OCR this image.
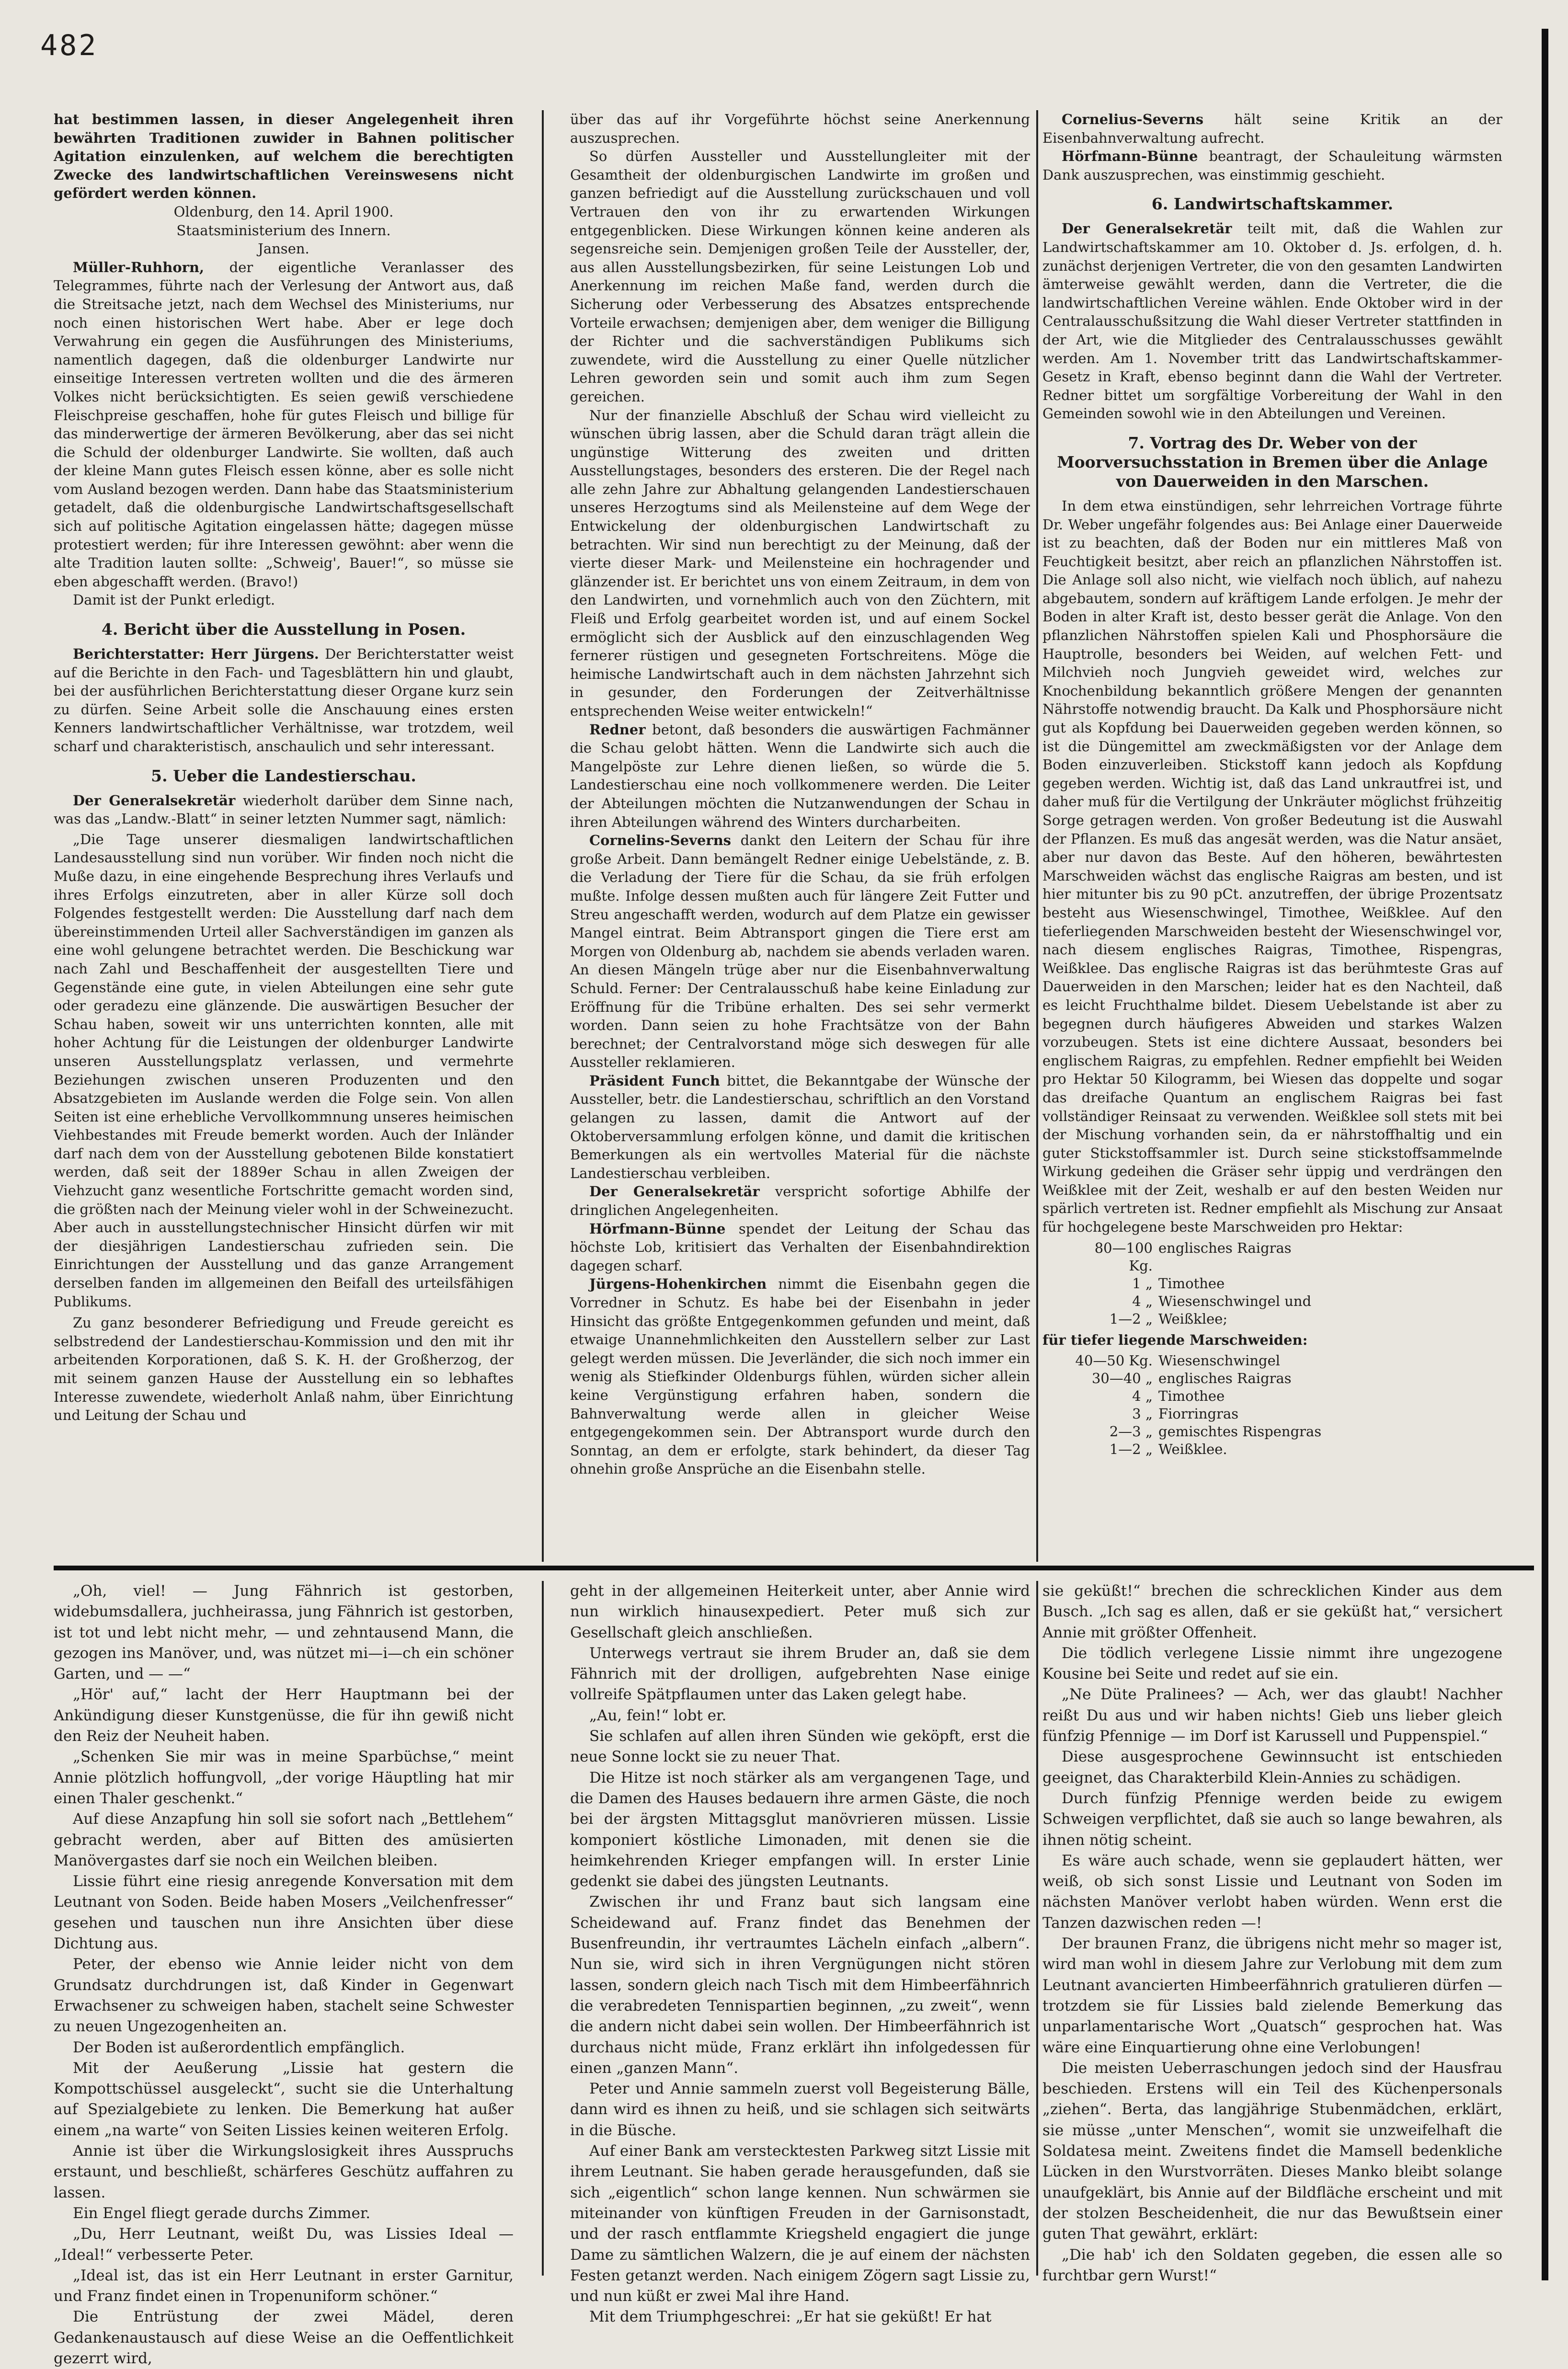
482

hat bestimmen lassen, in dieser Angelegenheit ihren bewährten Traditionen zuwider in Bahnen politischer Agitation einzulenken, auf welchem die berechtigten Zwecke des landwirtschaftlichen Vereinswesens nicht gefördert werden können.

Oldenburg, den 14. April 1900.

Staatsministerium des Innern.

Jansen.

Müller-Ruhhorn, der eigentliche Veranlasser des Telegrammes, führte nach der Verlesung der Antwort aus, daß die Streitsache jetzt, nach dem Wechsel des Ministeriums, nur noch einen historischen Wert habe. Aber er lege doch Verwahrung ein gegen die Ausführungen des Ministeriums, namentlich dagegen, daß die oldenburger Landwirte nur einseitige Interessen vertreten wollten und die des ärmeren Volkes nicht berücksichtigten. Es seien gewiß verschiedene Fleischpreise geschaffen, hohe für gutes Fleisch und billige für das minderwertige der ärmeren Bevölkerung, aber das sei nicht die Schuld der oldenburger Landwirte. Sie wollten, daß auch der kleine Mann gutes Fleisch essen könne, aber es solle nicht vom Ausland bezogen werden. Dann habe das Staatsministerium getadelt, daß die oldenburgische Landwirtschaftsgesellschaft sich auf politische Agitation eingelassen hätte; dagegen müsse protestiert werden; für ihre Interessen gewöhnt: aber wenn die alte Tradition lauten sollte: „Schweig', Bauer!“, so müsse sie eben abgeschafft werden. (Bravo!)

Damit ist der Punkt erledigt.

4. Bericht über die Ausstellung in Posen.

Berichterstatter: Herr Jürgens. Der Berichterstatter weist auf die Berichte in den Fach- und Tagesblättern hin und glaubt, bei der ausführlichen Berichterstattung dieser Organe kurz sein zu dürfen. Seine Arbeit solle die Anschauung eines ersten Kenners landwirtschaftlicher Verhältnisse, war trotzdem, weil scharf und charakteristisch, anschaulich und sehr interessant.

5. Ueber die Landestierschau.

Der Generalsekretär wiederholt darüber dem Sinne nach, was das „Landw.-Blatt“ in seiner letzten Nummer sagt, nämlich:

„Die Tage unserer diesmaligen landwirtschaftlichen Landesausstellung sind nun vorüber. Wir finden noch nicht die Muße dazu, in eine eingehende Besprechung ihres Verlaufs und ihres Erfolgs einzutreten, aber in aller Kürze soll doch Folgendes festgestellt werden: Die Ausstellung darf nach dem übereinstimmenden Urteil aller Sachverständigen im ganzen als eine wohl gelungene betrachtet werden. Die Beschickung war nach Zahl und Beschaffenheit der ausgestellten Tiere und Gegenstände eine gute, in vielen Abteilungen eine sehr gute oder geradezu eine glänzende. Die auswärtigen Besucher der Schau haben, soweit wir uns unterrichten konnten, alle mit hoher Achtung für die Leistungen der oldenburger Landwirte unseren Ausstellungsplatz verlassen, und vermehrte Beziehungen zwischen unseren Produzenten und den Absatzgebieten im Auslande werden die Folge sein. Von allen Seiten ist eine erhebliche Vervollkommnung unseres heimischen Viehbestandes mit Freude bemerkt worden. Auch der Inländer darf nach dem von der Ausstellung gebotenen Bilde konstatiert werden, daß seit der 1889er Schau in allen Zweigen der Viehzucht ganz wesentliche Fortschritte gemacht worden sind, die größten nach der Meinung vieler wohl in der Schweinezucht. Aber auch in ausstellungstechnischer Hinsicht dürfen wir mit der diesjährigen Landestierschau zufrieden sein. Die Einrichtungen der Ausstellung und das ganze Arrangement derselben fanden im allgemeinen den Beifall des urteilsfähigen Publikums.

Zu ganz besonderer Befriedigung und Freude gereicht es selbstredend der Landestierschau-Kommission und den mit ihr arbeitenden Korporationen, daß S. K. H. der Großherzog, der mit seinem ganzen Hause der Ausstellung ein so lebhaftes Interesse zuwendete, wiederholt Anlaß nahm, über Einrichtung und Leitung der Schau und

über das auf ihr Vorgeführte höchst seine Anerkennung auszusprechen.

So dürfen Aussteller und Ausstellungleiter mit der Gesamtheit der oldenburgischen Landwirte im großen und ganzen befriedigt auf die Ausstellung zurückschauen und voll Vertrauen den von ihr zu erwartenden Wirkungen entgegenblicken. Diese Wirkungen können keine anderen als segensreiche sein. Demjenigen großen Teile der Aussteller, der, aus allen Ausstellungsbezirken, für seine Leistungen Lob und Anerkennung im reichen Maße fand, werden durch die Sicherung oder Verbesserung des Absatzes entsprechende Vorteile erwachsen; demjenigen aber, dem weniger die Billigung der Richter und die sachverständigen Publikums sich zuwendete, wird die Ausstellung zu einer Quelle nützlicher Lehren geworden sein und somit auch ihm zum Segen gereichen.

Nur der finanzielle Abschluß der Schau wird vielleicht zu wünschen übrig lassen, aber die Schuld daran trägt allein die ungünstige Witterung des zweiten und dritten Ausstellungstages, besonders des ersteren. Die der Regel nach alle zehn Jahre zur Abhaltung gelangenden Landestierschauen unseres Herzogtums sind als Meilensteine auf dem Wege der Entwickelung der oldenburgischen Landwirtschaft zu betrachten. Wir sind nun berechtigt zu der Meinung, daß der vierte dieser Mark- und Meilensteine ein hochragender und glänzender ist. Er berichtet uns von einem Zeitraum, in dem von den Landwirten, und vornehmlich auch von den Züchtern, mit Fleiß und Erfolg gearbeitet worden ist, und auf einem Sockel ermöglicht sich der Ausblick auf den einzuschlagenden Weg fernerer rüstigen und gesegneten Fortschreitens. Möge die heimische Landwirtschaft auch in dem nächsten Jahrzehnt sich in gesunder, den Forderungen der Zeitverhältnisse entsprechenden Weise weiter entwickeln!“

Redner betont, daß besonders die auswärtigen Fachmänner die Schau gelobt hätten. Wenn die Landwirte sich auch die Mangelpöste zur Lehre dienen ließen, so würde die 5. Landestierschau eine noch vollkommenere werden. Die Leiter der Abteilungen möchten die Nutzanwendungen der Schau in ihren Abteilungen während des Winters durcharbeiten.

Cornelins-Severns dankt den Leitern der Schau für ihre große Arbeit. Dann bemängelt Redner einige Uebelstände, z. B. die Verladung der Tiere für die Schau, da sie früh erfolgen mußte. Infolge dessen mußten auch für längere Zeit Futter und Streu angeschafft werden, wodurch auf dem Platze ein gewisser Mangel eintrat. Beim Abtransport gingen die Tiere erst am Morgen von Oldenburg ab, nachdem sie abends verladen waren. An diesen Mängeln trüge aber nur die Eisenbahnverwaltung Schuld. Ferner: Der Centralausschuß habe keine Einladung zur Eröffnung für die Tribüne erhalten. Des sei sehr vermerkt worden. Dann seien zu hohe Frachtsätze von der Bahn berechnet; der Centralvorstand möge sich deswegen für alle Aussteller reklamieren.

Präsident Funch bittet, die Bekanntgabe der Wünsche der Aussteller, betr. die Landestierschau, schriftlich an den Vorstand gelangen zu lassen, damit die Antwort auf der Oktoberversammlung erfolgen könne, und damit die kritischen Bemerkungen als ein wertvolles Material für die nächste Landestierschau verbleiben.

Der Generalsekretär verspricht sofortige Abhilfe der dringlichen Angelegenheiten.

Hörfmann-Bünne spendet der Leitung der Schau das höchste Lob, kritisiert das Verhalten der Eisenbahndirektion dagegen scharf.

Jürgens-Hohenkirchen nimmt die Eisenbahn gegen die Vorredner in Schutz. Es habe bei der Eisenbahn in jeder Hinsicht das größte Entgegenkommen gefunden und meint, daß etwaige Unannehmlichkeiten den Ausstellern selber zur Last gelegt werden müssen. Die Jeverländer, die sich noch immer ein wenig als Stiefkinder Oldenburgs fühlen, würden sicher allein keine Vergünstigung erfahren haben, sondern die Bahnverwaltung werde allen in gleicher Weise entgegengekommen sein. Der Abtransport wurde durch den Sonntag, an dem er erfolgte, stark behindert, da dieser Tag ohnehin große Ansprüche an die Eisenbahn stelle.

Cornelius-Severns hält seine Kritik an der Eisenbahnverwaltung aufrecht.

Hörfmann-Bünne beantragt, der Schauleitung wärmsten Dank auszusprechen, was einstimmig geschieht.

6. Landwirtschaftskammer.

Der Generalsekretär teilt mit, daß die Wahlen zur Landwirtschaftskammer am 10. Oktober d. Js. erfolgen, d. h. zunächst derjenigen Vertreter, die von den gesamten Landwirten ämterweise gewählt werden, dann die Vertreter, die die landwirtschaftlichen Vereine wählen. Ende Oktober wird in der Centralausschußsitzung die Wahl dieser Vertreter stattfinden in der Art, wie die Mitglieder des Centralausschusses gewählt werden. Am 1. November tritt das Landwirtschaftskammer-Gesetz in Kraft, ebenso beginnt dann die Wahl der Vertreter. Redner bittet um sorgfältige Vorbereitung der Wahl in den Gemeinden sowohl wie in den Abteilungen und Vereinen.

7. Vortrag des Dr. Weber von der Moorversuchsstation in Bremen über die Anlage von Dauerweiden in den Marschen.

In dem etwa einstündigen, sehr lehrreichen Vortrage führte Dr. Weber ungefähr folgendes aus: Bei Anlage einer Dauerweide ist zu beachten, daß der Boden nur ein mittleres Maß von Feuchtigkeit besitzt, aber reich an pflanzlichen Nährstoffen ist. Die Anlage soll also nicht, wie vielfach noch üblich, auf nahezu abgebautem, sondern auf kräftigem Lande erfolgen. Je mehr der Boden in alter Kraft ist, desto besser gerät die Anlage. Von den pflanzlichen Nährstoffen spielen Kali und Phosphorsäure die Hauptrolle, besonders bei Weiden, auf welchen Fett- und Milchvieh noch Jungvieh geweidet wird, welches zur Knochenbildung bekanntlich größere Mengen der genannten Nährstoffe notwendig braucht. Da Kalk und Phosphorsäure nicht gut als Kopfdung bei Dauerweiden gegeben werden können, so ist die Düngemittel am zweckmäßigsten vor der Anlage dem Boden einzuverleiben. Stickstoff kann jedoch als Kopfdung gegeben werden. Wichtig ist, daß das Land unkrautfrei ist, und daher muß für die Vertilgung der Unkräuter möglichst frühzeitig Sorge getragen werden. Von großer Bedeutung ist die Auswahl der Pflanzen. Es muß das angesät werden, was die Natur ansäet, aber nur davon das Beste. Auf den höheren, bewährtesten Marschweiden wächst das englische Raigras am besten, und ist hier mitunter bis zu 90 pCt. anzutreffen, der übrige Prozentsatz besteht aus Wiesenschwingel, Timothee, Weißklee. Auf den tieferliegenden Marschweiden besteht der Wiesenschwingel vor, nach diesem englisches Raigras, Timothee, Rispengras, Weißklee. Das englische Raigras ist das berühmteste Gras auf Dauerweiden in den Marschen; leider hat es den Nachteil, daß es leicht Fruchthalme bildet. Diesem Uebelstande ist aber zu begegnen durch häufigeres Abweiden und starkes Walzen vorzubeugen. Stets ist eine dichtere Aussaat, besonders bei englischem Raigras, zu empfehlen. Redner empfiehlt bei Weiden pro Hektar 50 Kilogramm, bei Wiesen das doppelte und sogar das dreifache Quantum an englischem Raigras bei fast vollständiger Reinsaat zu verwenden. Weißklee soll stets mit bei der Mischung vorhanden sein, da er nährstoffhaltig und ein guter Stickstoffsammler ist. Durch seine stickstoffsammelnde Wirkung gedeihen die Gräser sehr üppig und verdrängen den Weißklee mit der Zeit, weshalb er auf den besten Weiden nur spärlich vertreten ist. Redner empfiehlt als Mischung zur Ansaat für hochgelegene beste Marschweiden pro Hektar:

80—100 Kg.	englisches Raigras
1 „	Timothee
4 „	Wiesenschwingel und
1—2 „	Weißklee;

für tiefer liegende Marschweiden:

40—50 Kg.	Wiesenschwingel
30—40 „	englisches Raigras
4 „	Timothee
3 „	Fiorringras
2—3 „	gemischtes Rispengras
1—2 „	Weißklee.

„Oh, viel! — Jung Fähnrich ist gestorben, widebumsdallera, juchheirassa, jung Fähnrich ist gestorben, ist tot und lebt nicht mehr, — und zehntausend Mann, die gezogen ins Manöver, und, was nützet mi—i—ch ein schöner Garten, und — —“

„Hör' auf,“ lacht der Herr Hauptmann bei der Ankündigung dieser Kunstgenüsse, die für ihn gewiß nicht den Reiz der Neuheit haben.

„Schenken Sie mir was in meine Sparbüchse,“ meint Annie plötzlich hoffungvoll, „der vorige Häuptling hat mir einen Thaler geschenkt.“

Auf diese Anzapfung hin soll sie sofort nach „Bettlehem“ gebracht werden, aber auf Bitten des amüsierten Manövergastes darf sie noch ein Weilchen bleiben.

Lissie führt eine riesig anregende Konversation mit dem Leutnant von Soden. Beide haben Mosers „Veilchenfresser“ gesehen und tauschen nun ihre Ansichten über diese Dichtung aus.

Peter, der ebenso wie Annie leider nicht von dem Grundsatz durchdrungen ist, daß Kinder in Gegenwart Erwachsener zu schweigen haben, stachelt seine Schwester zu neuen Ungezogenheiten an.

Der Boden ist außerordentlich empfänglich.

Mit der Aeußerung „Lissie hat gestern die Kompottschüssel ausgeleckt“, sucht sie die Unterhaltung auf Spezialgebiete zu lenken. Die Bemerkung hat außer einem „na warte“ von Seiten Lissies keinen weiteren Erfolg.

Annie ist über die Wirkungslosigkeit ihres Ausspruchs erstaunt, und beschließt, schärferes Geschütz auffahren zu lassen.

Ein Engel fliegt gerade durchs Zimmer.

„Du, Herr Leutnant, weißt Du, was Lissies Ideal — „Ideal!“ verbesserte Peter.

„Ideal ist, das ist ein Herr Leutnant in erster Garnitur, und Franz findet einen in Tropenuniform schöner.“

Die Entrüstung der zwei Mädel, deren Gedankenaustausch auf diese Weise an die Oeffentlichkeit gezerrt wird,

geht in der allgemeinen Heiterkeit unter, aber Annie wird nun wirklich hinausexpediert. Peter muß sich zur Gesellschaft gleich anschließen.

Unterwegs vertraut sie ihrem Bruder an, daß sie dem Fähnrich mit der drolligen, aufgebrehten Nase einige vollreife Spätpflaumen unter das Laken gelegt habe.

„Au, fein!“ lobt er.

Sie schlafen auf allen ihren Sünden wie geköpft, erst die neue Sonne lockt sie zu neuer That.

Die Hitze ist noch stärker als am vergangenen Tage, und die Damen des Hauses bedauern ihre armen Gäste, die noch bei der ärgsten Mittagsglut manövrieren müssen. Lissie komponiert köstliche Limonaden, mit denen sie die heimkehrenden Krieger empfangen will. In erster Linie gedenkt sie dabei des jüngsten Leutnants.

Zwischen ihr und Franz baut sich langsam eine Scheidewand auf. Franz findet das Benehmen der Busenfreundin, ihr vertraumtes Lächeln einfach „albern“. Nun sie, wird sich in ihren Vergnügungen nicht stören lassen, sondern gleich nach Tisch mit dem Himbeerfähnrich die verabredeten Tennispartien beginnen, „zu zweit“, wenn die andern nicht dabei sein wollen. Der Himbeerfähnrich ist durchaus nicht müde, Franz erklärt ihn infolgedessen für einen „ganzen Mann“.

Peter und Annie sammeln zuerst voll Begeisterung Bälle, dann wird es ihnen zu heiß, und sie schlagen sich seitwärts in die Büsche.

Auf einer Bank am verstecktesten Parkweg sitzt Lissie mit ihrem Leutnant. Sie haben gerade herausgefunden, daß sie sich „eigentlich“ schon lange kennen. Nun schwärmen sie miteinander von künftigen Freuden in der Garnisonstadt, und der rasch entflammte Kriegsheld engagiert die junge Dame zu sämtlichen Walzern, die je auf einem der nächsten Festen getanzt werden. Nach einigem Zögern sagt Lissie zu, und nun küßt er zwei Mal ihre Hand.

Mit dem Triumphgeschrei: „Er hat sie geküßt! Er hat

sie geküßt!“ brechen die schrecklichen Kinder aus dem Busch. „Ich sag es allen, daß er sie geküßt hat,“ versichert Annie mit größter Offenheit.

Die tödlich verlegene Lissie nimmt ihre ungezogene Kousine bei Seite und redet auf sie ein.

„Ne Düte Pralinees? — Ach, wer das glaubt! Nachher reißt Du aus und wir haben nichts! Gieb uns lieber gleich fünfzig Pfennige — im Dorf ist Karussell und Puppenspiel.“

Diese ausgesprochene Gewinnsucht ist entschieden geeignet, das Charakterbild Klein-Annies zu schädigen.

Durch fünfzig Pfennige werden beide zu ewigem Schweigen verpflichtet, daß sie auch so lange bewahren, als ihnen nötig scheint.

Es wäre auch schade, wenn sie geplaudert hätten, wer weiß, ob sich sonst Lissie und Leutnant von Soden im nächsten Manöver verlobt haben würden. Wenn erst die Tanzen dazwischen reden —!

Der braunen Franz, die übrigens nicht mehr so mager ist, wird man wohl in diesem Jahre zur Verlobung mit dem zum Leutnant avancierten Himbeerfähnrich gratulieren dürfen — trotzdem sie für Lissies bald zielende Bemerkung das unparlamentarische Wort „Quatsch“ gesprochen hat. Was wäre eine Einquartierung ohne eine Verlobungen!

Die meisten Ueberraschungen jedoch sind der Hausfrau beschieden. Erstens will ein Teil des Küchenpersonals „ziehen“. Berta, das langjährige Stubenmädchen, erklärt, sie müsse „unter Menschen“, womit sie unzweifelhaft die Soldatesa meint. Zweitens findet die Mamsell bedenkliche Lücken in den Wurstvorräten. Dieses Manko bleibt solange unaufgeklärt, bis Annie auf der Bildfläche erscheint und mit der stolzen Bescheidenheit, die nur das Bewußtsein einer guten That gewährt, erklärt:

„Die hab' ich den Soldaten gegeben, die essen alle so furchtbar gern Wurst!“
